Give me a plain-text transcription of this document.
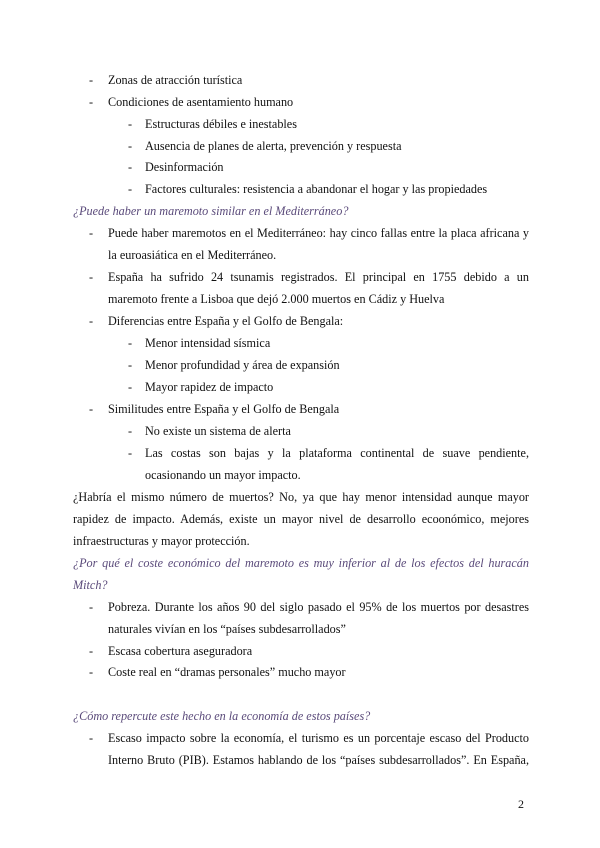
- Zonas de atracción turística
- Condiciones de asentamiento humano
- Estructuras débiles e inestables
- Ausencia de planes de alerta, prevención y respuesta
- Desinformación
- Factores culturales: resistencia a abandonar el hogar y las propiedades
¿Puede haber un maremoto similar en el Mediterráneo?
- Puede haber maremotos en el Mediterráneo: hay cinco fallas entre la placa africana y
la euroasiática en el Mediterráneo.
- España ha sufrido 24 tsunamis registrados. El principal en 1755 debido a un
maremoto frente a Lisboa que dejó 2.000 muertos en Cádiz y Huelva
- Diferencias entre España y el Golfo de Bengala:
- Menor intensidad sísmica
- Menor profundidad y área de expansión
- Mayor rapidez de impacto
- Similitudes entre España y el Golfo de Bengala
- No existe un sistema de alerta
- Las costas son bajas y la plataforma continental de suave pendiente,
ocasionando un mayor impacto.
¿Habría el mismo número de muertos? No, ya que hay menor intensidad aunque mayor
rapidez de impacto. Además, existe un mayor nivel de desarrollo ecoonómico, mejores
infraestructuras y mayor protección.
¿Por qué el coste económico del maremoto es muy inferior al de los efectos del huracán
Mitch?
- Pobreza. Durante los años 90 del siglo pasado el 95% de los muertos por desastres
naturales vivían en los “países subdesarrollados”
- Escasa cobertura aseguradora
- Coste real en “dramas personales” mucho mayor
¿Cómo repercute este hecho en la economía de estos países?
- Escaso impacto sobre la economía, el turismo es un porcentaje escaso del Producto
Interno Bruto (PIB). Estamos hablando de los “países subdesarrollados”. En España,
2
